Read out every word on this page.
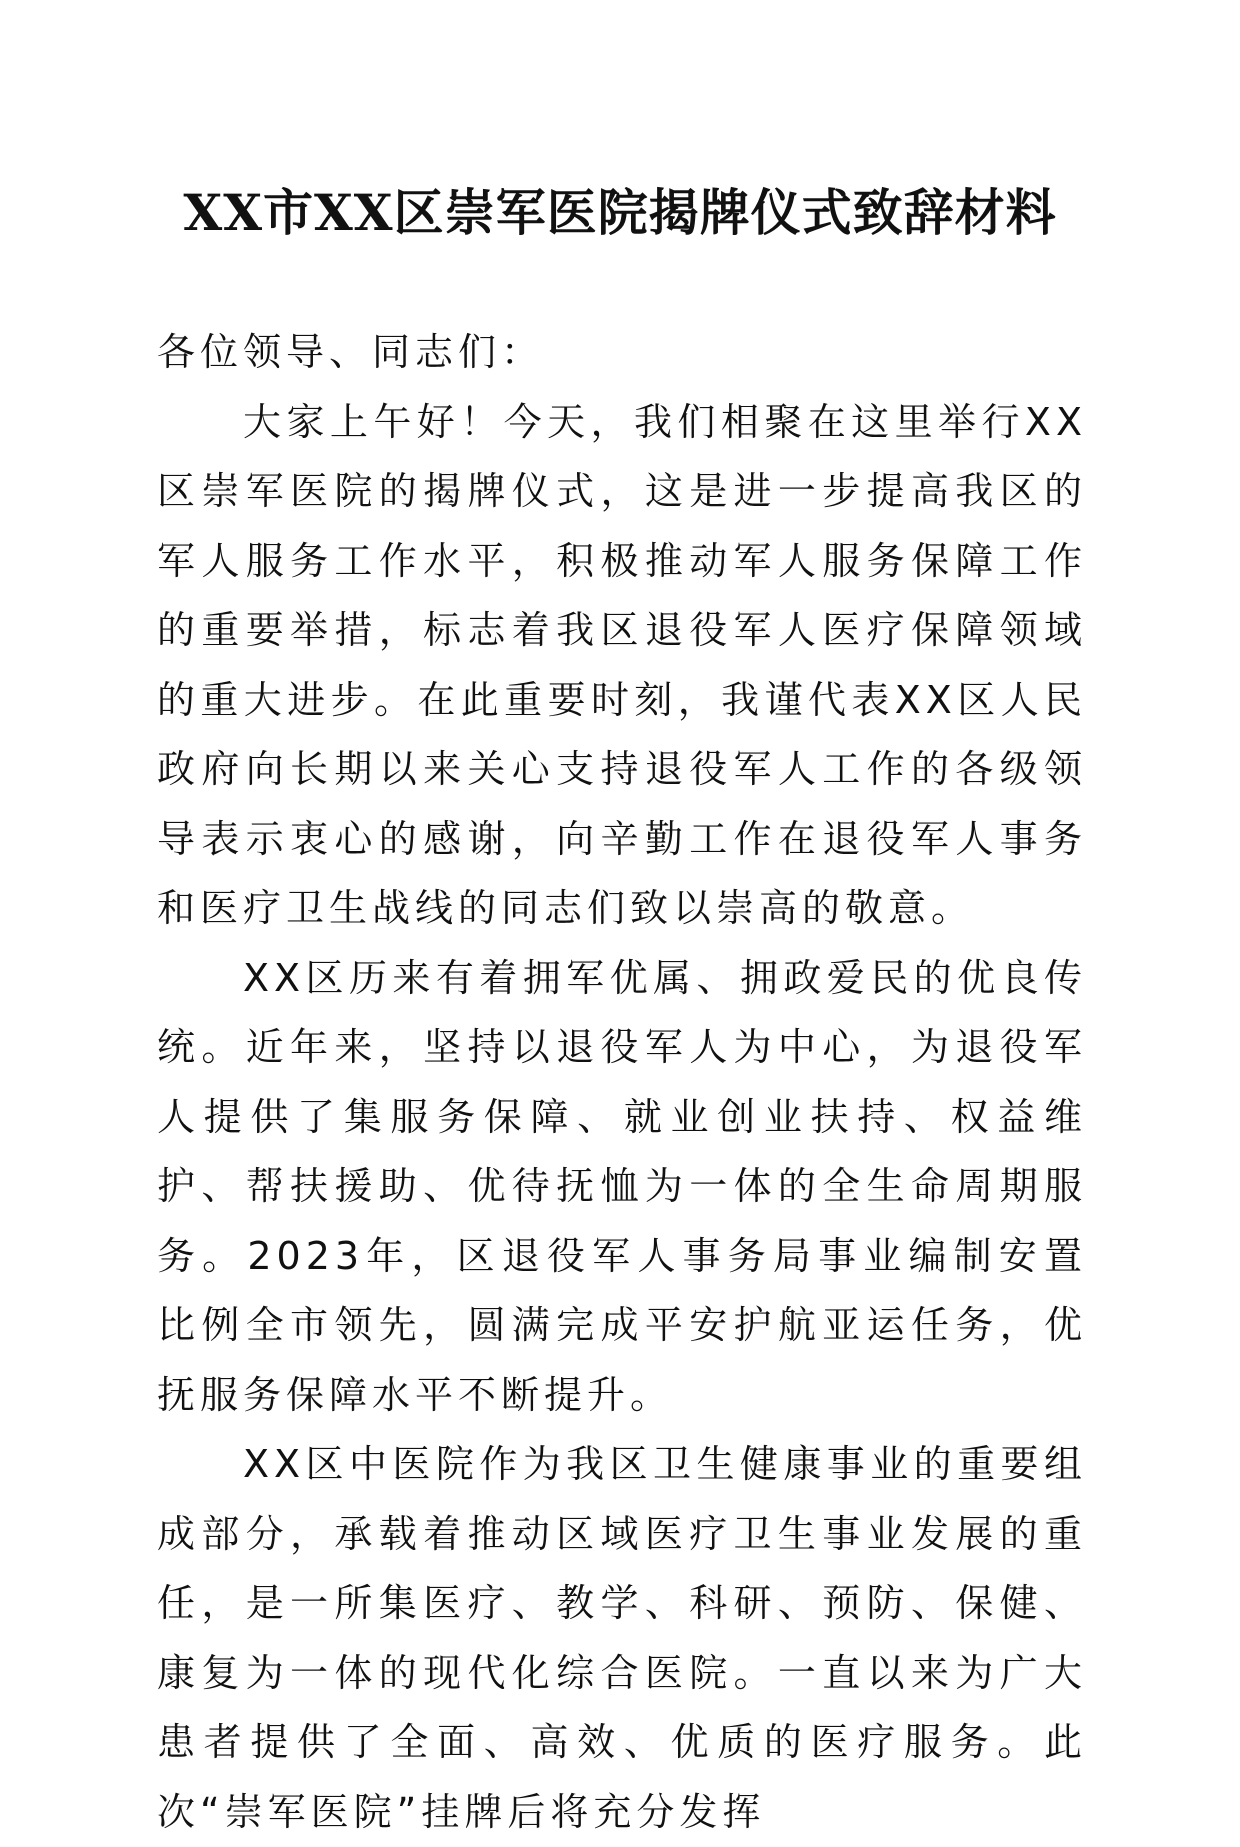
XX市XX区崇军医院揭牌仪式致辞材料

各位领导、同志们：

大家上午好！今天，我们相聚在这里举行XX区崇军医院的揭牌仪式，这是进一步提高我区的军人服务工作水平，积极推动军人服务保障工作的重要举措，标志着我区退役军人医疗保障领域的重大进步。在此重要时刻，我谨代表XX区人民政府向长期以来关心支持退役军人工作的各级领导表示衷心的感谢，向辛勤工作在退役军人事务和医疗卫生战线的同志们致以崇高的敬意。

XX区历来有着拥军优属、拥政爱民的优良传统。近年来，坚持以退役军人为中心，为退役军人提供了集服务保障、就业创业扶持、权益维护、帮扶援助、优待抚恤为一体的全生命周期服务。2023年，区退役军人事务局事业编制安置比例全市领先，圆满完成平安护航亚运任务，优抚服务保障水平不断提升。

XX区中医院作为我区卫生健康事业的重要组成部分，承载着推动区域医疗卫生事业发展的重任，是一所集医疗、教学、科研、预防、保健、康复为一体的现代化综合医院。一直以来为广大患者提供了全面、高效、优质的医疗服务。此次“崇军医院”挂牌后将充分发挥
